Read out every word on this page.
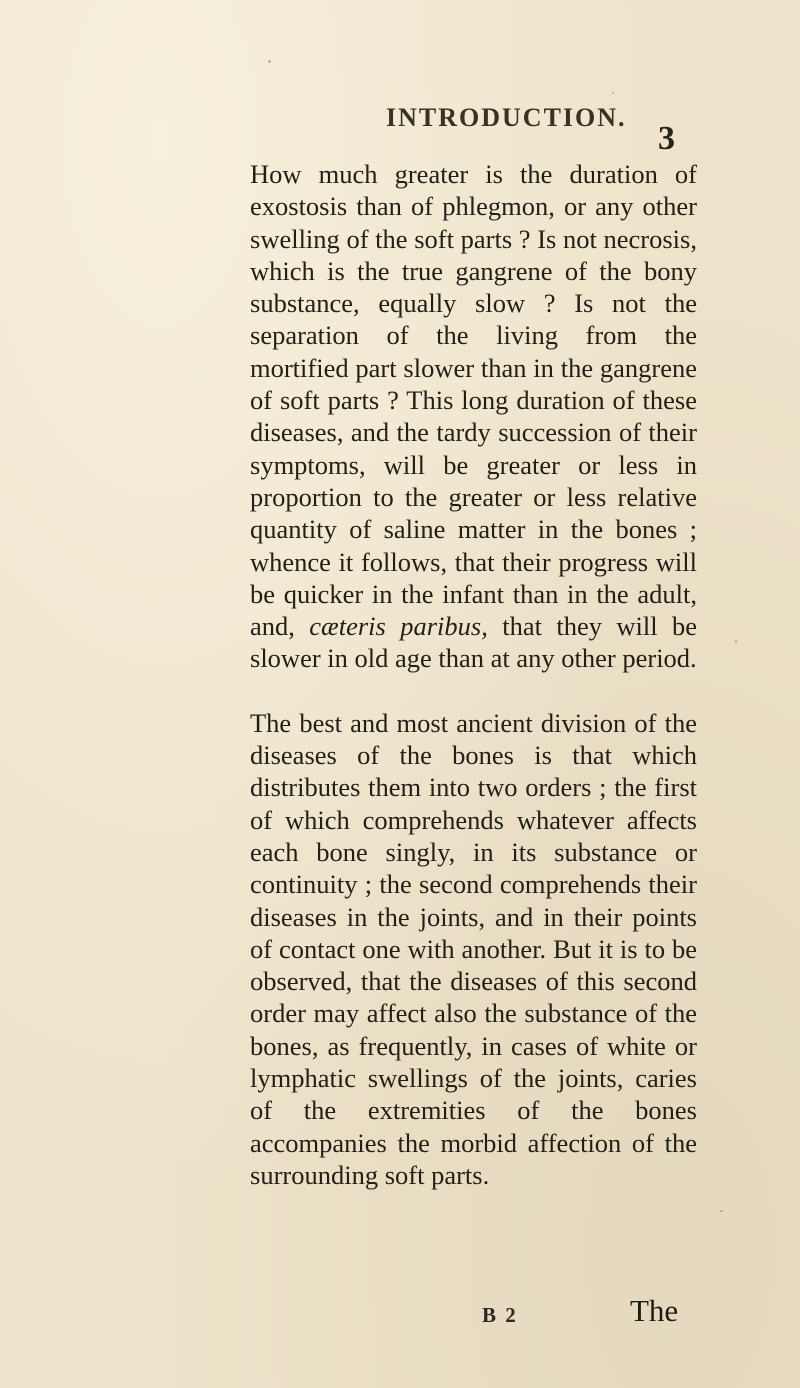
INTRODUCTION.
3

How much greater is the duration of exostosis than of phlegmon, or any other swelling of the soft parts ? Is not necrosis, which is the true gangrene of the bony substance, equally slow ? Is not the separation of the living from the mortified part slower than in the gangrene of soft parts ? This long duration of these diseases, and the tardy succession of their symptoms, will be greater or less in proportion to the greater or less relative quantity of saline matter in the bones ; whence it follows, that their progress will be quicker in the infant than in the adult, and, cæteris paribus, that they will be slower in old age than at any other period.

The best and most ancient division of the diseases of the bones is that which distributes them into two orders ; the first of which comprehends whatever affects each bone singly, in its substance or continuity ; the second comprehends their diseases in the joints, and in their points of contact one with another. But it is to be observed, that the diseases of this second order may affect also the substance of the bones, as frequently, in cases of white or lymphatic swellings of the joints, caries of the extremities of the bones accompanies the morbid affection of the surrounding soft parts.

B 2	The
